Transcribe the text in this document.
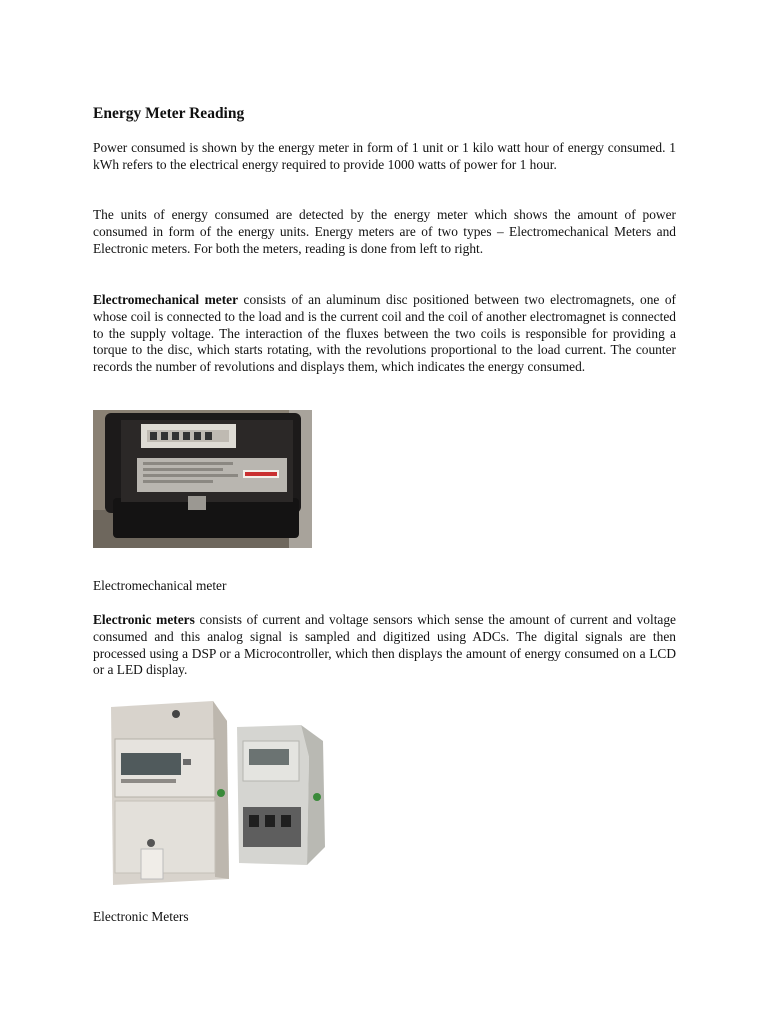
Energy Meter Reading

Power consumed is shown by the energy meter in form of 1 unit or 1 kilo watt hour of energy consumed. 1 kWh refers to the electrical energy required to provide 1000 watts of power for 1 hour.

The units of energy consumed are detected by the energy meter which shows the amount of power consumed in form of the energy units. Energy meters are of two types – Electromechanical Meters and Electronic meters. For both the meters, reading is done from left to right.

Electromechanical meter consists of an aluminum disc positioned between two electromagnets, one of whose coil is connected to the load and is the current coil and the coil of another electromagnet is connected to the supply voltage. The interaction of the fluxes between the two coils is responsible for providing a torque to the disc, which starts rotating, with the revolutions proportional to the load current. The counter records the number of revolutions and displays them, which indicates the energy consumed.

Electromechanical meter

Electronic meters consists of current and voltage sensors which sense the amount of current and voltage consumed and this analog signal is sampled and digitized using ADCs. The digital signals are then processed using a DSP or a Microcontroller, which then displays the amount of energy consumed on a LCD or a LED display.

Electronic Meters
